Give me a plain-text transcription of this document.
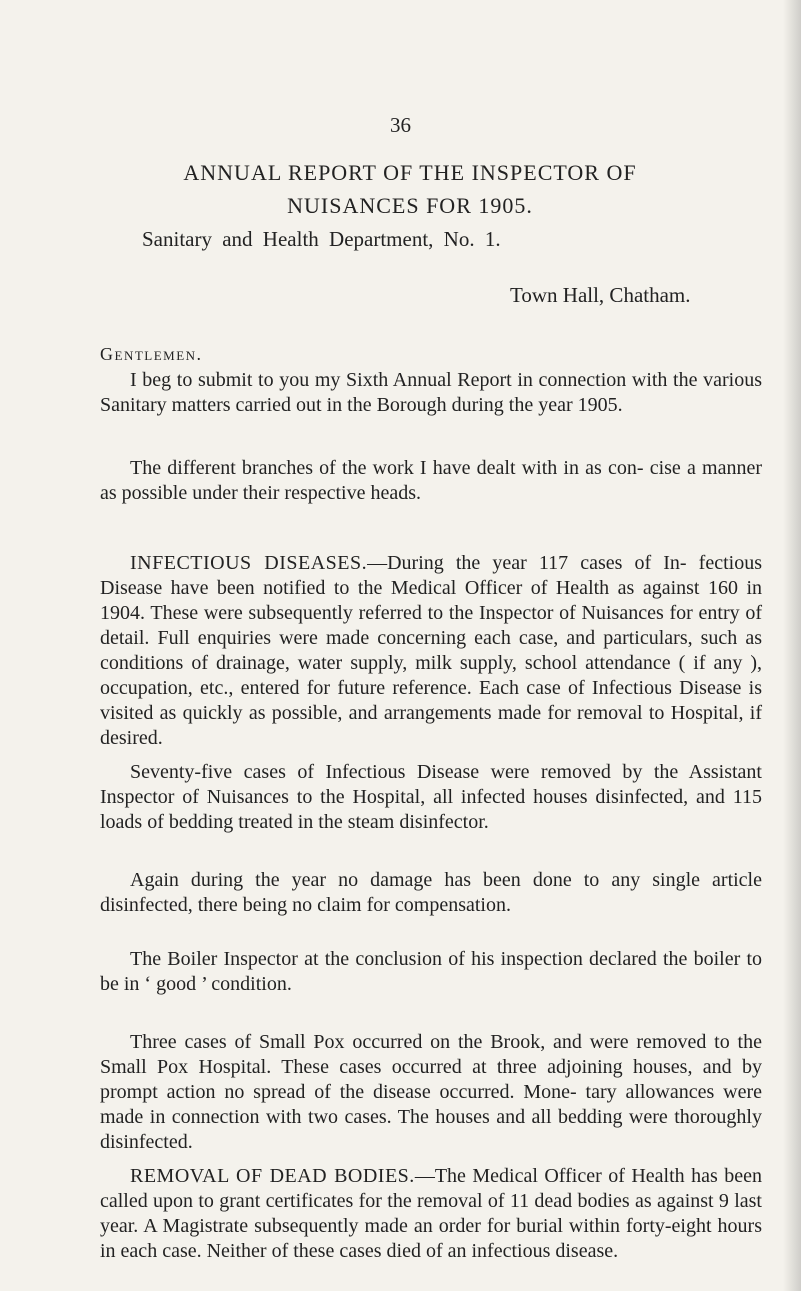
36
ANNUAL REPORT OF THE INSPECTOR OF
NUISANCES FOR 1905.
Sanitary and Health Department, No. 1.
Town Hall, Chatham.
Gentlemen.

I beg to submit to you my Sixth Annual Report in connection with the various Sanitary matters carried out in the Borough during the year 1905.

The different branches of the work I have dealt with in as con- cise a manner as possible under their respective heads.

INFECTIOUS DISEASES.—During the year 117 cases of In- fectious Disease have been notified to the Medical Officer of Health as against 160 in 1904. These were subsequently referred to the Inspector of Nuisances for entry of detail. Full enquiries were made concerning each case, and particulars, such as conditions of drainage, water supply, milk supply, school attendance ( if any ), occupation, etc., entered for future reference. Each case of Infectious Disease is visited as quickly as possible, and arrangements made for removal to Hospital, if desired.

Seventy-five cases of Infectious Disease were removed by the Assistant Inspector of Nuisances to the Hospital, all infected houses disinfected, and 115 loads of bedding treated in the steam disinfector.

Again during the year no damage has been done to any single article disinfected, there being no claim for compensation.

The Boiler Inspector at the conclusion of his inspection declared the boiler to be in ‘ good ’ condition.

Three cases of Small Pox occurred on the Brook, and were removed to the Small Pox Hospital. These cases occurred at three adjoining houses, and by prompt action no spread of the disease occurred. Mone- tary allowances were made in connection with two cases. The houses and all bedding were thoroughly disinfected.

REMOVAL OF DEAD BODIES.—The Medical Officer of Health has been called upon to grant certificates for the removal of 11 dead bodies as against 9 last year. A Magistrate subsequently made an order for burial within forty-eight hours in each case. Neither of these cases died of an infectious disease.
